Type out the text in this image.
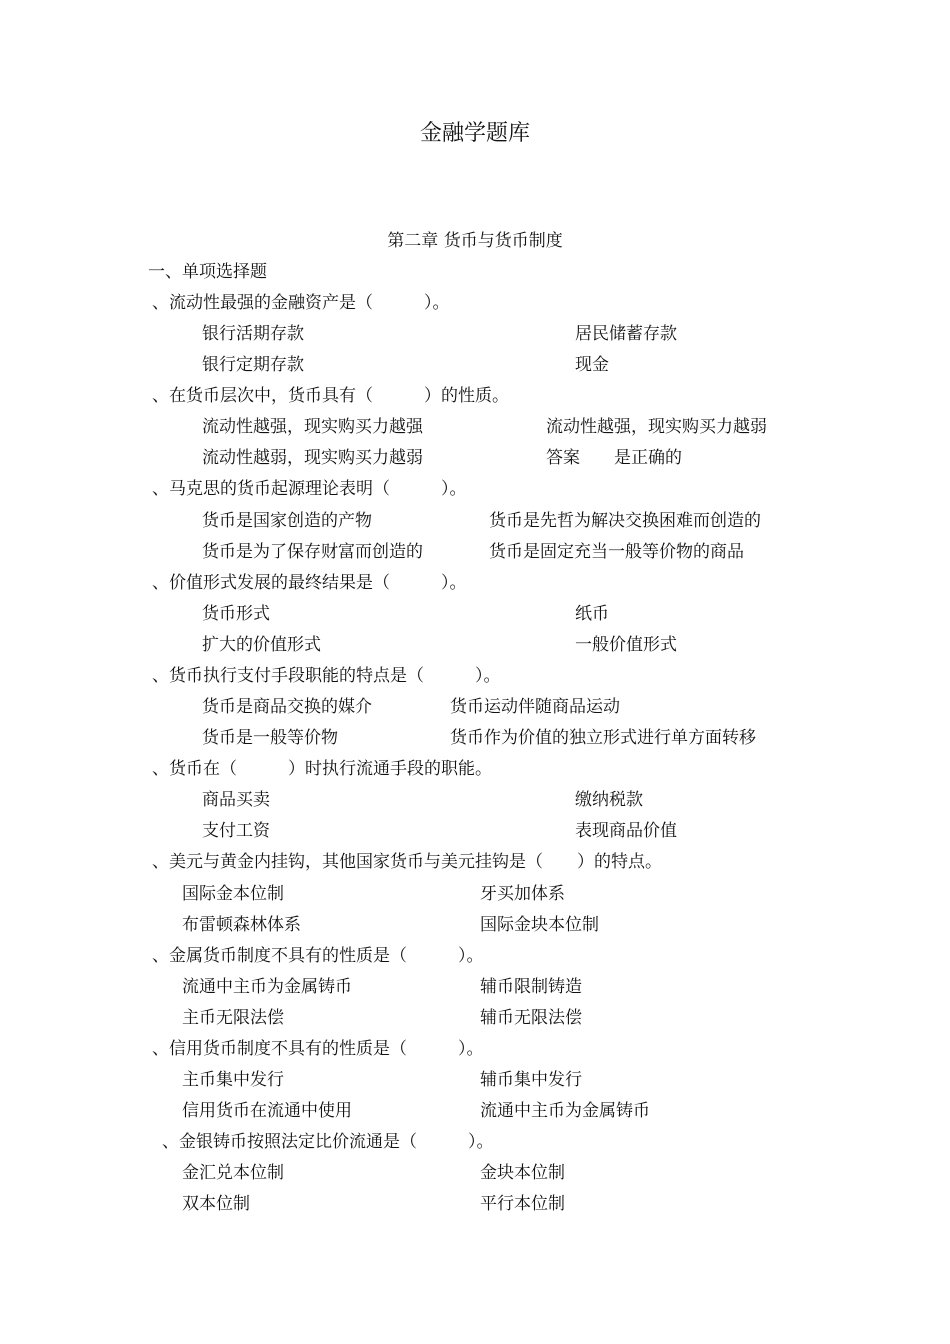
金融学题库
第二章 货币与货币制度
一、单项选择题
、流动性最强的金融资产是（　　　）。
银行活期存款	居民储蓄存款
银行定期存款	现金
、在货币层次中，货币具有（　　　）的性质。
流动性越强，现实购买力越强	流动性越强，现实购买力越弱
流动性越弱，现实购买力越弱	答案　　是正确的
、马克思的货币起源理论表明（　　　）。
货币是国家创造的产物	货币是先哲为解决交换困难而创造的
货币是为了保存财富而创造的	货币是固定充当一般等价物的商品
、价值形式发展的最终结果是（　　　）。
货币形式	纸币
扩大的价值形式	一般价值形式
、货币执行支付手段职能的特点是（　　　）。
货币是商品交换的媒介	货币运动伴随商品运动
货币是一般等价物	货币作为价值的独立形式进行单方面转移
、货币在（　　　）时执行流通手段的职能。
商品买卖	缴纳税款
支付工资	表现商品价值
、美元与黄金内挂钩，其他国家货币与美元挂钩是（　　）的特点。
国际金本位制	牙买加体系
布雷顿森林体系	国际金块本位制
、金属货币制度不具有的性质是（　　　）。
流通中主币为金属铸币	辅币限制铸造
主币无限法偿	辅币无限法偿
、信用货币制度不具有的性质是（　　　）。
主币集中发行	辅币集中发行
信用货币在流通中使用	流通中主币为金属铸币
、金银铸币按照法定比价流通是（　　　）。
金汇兑本位制	金块本位制
双本位制	平行本位制
